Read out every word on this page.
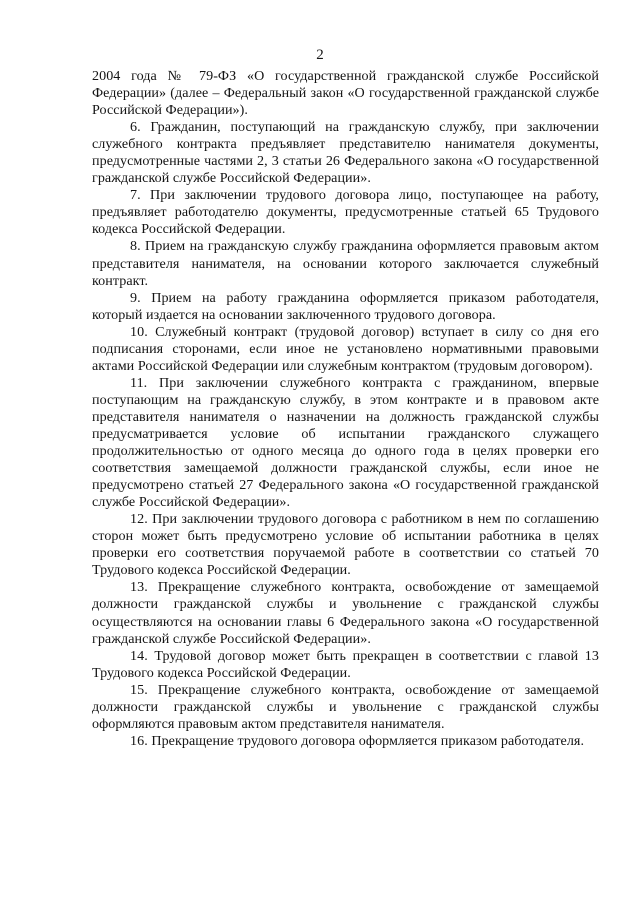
2

2004 года № 79-ФЗ «О государственной гражданской службе Российской Федерации» (далее – Федеральный закон «О государственной гражданской службе Российской Федерации»).

6. Гражданин, поступающий на гражданскую службу, при заключении служебного контракта предъявляет представителю нанимателя документы, предусмотренные частями 2, 3 статьи 26 Федерального закона «О государственной гражданской службе Российской Федерации».

7. При заключении трудового договора лицо, поступающее на работу, предъявляет работодателю документы, предусмотренные статьей 65 Трудового кодекса Российской Федерации.

8. Прием на гражданскую службу гражданина оформляется правовым актом представителя нанимателя, на основании которого заключается служебный контракт.

9. Прием на работу гражданина оформляется приказом работодателя, который издается на основании заключенного трудового договора.

10. Служебный контракт (трудовой договор) вступает в силу со дня его подписания сторонами, если иное не установлено нормативными правовыми актами Российской Федерации или служебным контрактом (трудовым договором).

11. При заключении служебного контракта с гражданином, впервые поступающим на гражданскую службу, в этом контракте и в правовом акте представителя нанимателя о назначении на должность гражданской службы предусматривается условие об испытании гражданского служащего продолжительностью от одного месяца до одного года в целях проверки его соответствия замещаемой должности гражданской службы, если иное не предусмотрено статьей 27 Федерального закона «О государственной гражданской службе Российской Федерации».

12. При заключении трудового договора с работником в нем по соглашению сторон может быть предусмотрено условие об испытании работника в целях проверки его соответствия поручаемой работе в соответствии со статьей 70 Трудового кодекса Российской Федерации.

13. Прекращение служебного контракта, освобождение от замещаемой должности гражданской службы и увольнение с гражданской службы осуществляются на основании главы 6 Федерального закона «О государственной гражданской службе Российской Федерации».

14. Трудовой договор может быть прекращен в соответствии с главой 13 Трудового кодекса Российской Федерации.

15. Прекращение служебного контракта, освобождение от замещаемой должности гражданской службы и увольнение с гражданской службы оформляются правовым актом представителя нанимателя.

16. Прекращение трудового договора оформляется приказом работодателя.
